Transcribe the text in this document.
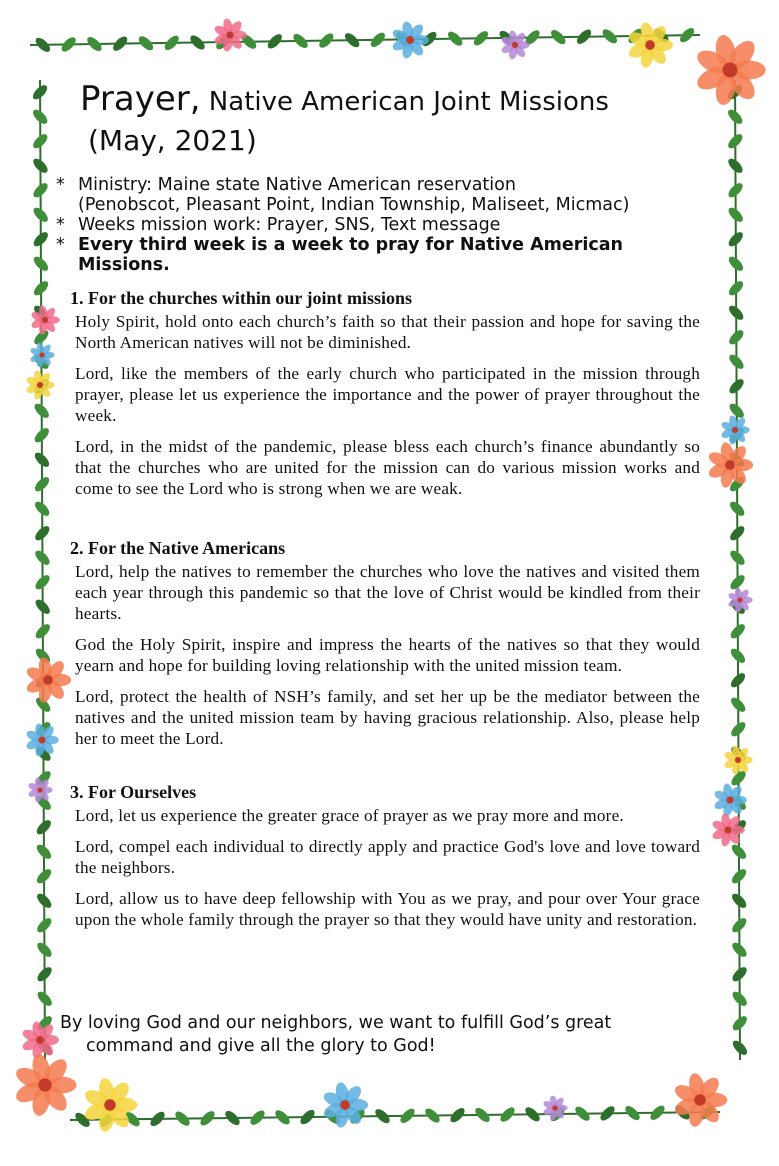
Prayer, Native American Joint Missions
(May, 2021)
* Ministry: Maine state Native American reservation
(Penobscot, Pleasant Point, Indian Township, Maliseet, Micmac)
* Weeks mission work: Prayer, SNS, Text message
* Every third week is a week to pray for Native American Missions.
1. For the churches within our joint missions

Holy Spirit, hold onto each church’s faith so that their passion and hope for saving the North American natives will not be diminished.

Lord, like the members of the early church who participated in the mission through prayer, please let us experience the importance and the power of prayer throughout the week.

Lord, in the midst of the pandemic, please bless each church’s finance abundantly so that the churches who are united for the mission can do various mission works and come to see the Lord who is strong when we are weak.

2. For the Native Americans

Lord, help the natives to remember the churches who love the natives and visited them each year through this pandemic so that the love of Christ would be kindled from their hearts.

God the Holy Spirit, inspire and impress the hearts of the natives so that they would yearn and hope for building loving relationship with the united mission team.

Lord, protect the health of NSH’s family, and set her up be the mediator between the natives and the united mission team by having gracious relationship. Also, please help her to meet the Lord.

3. For Ourselves

Lord, let us experience the greater grace of prayer as we pray more and more.

Lord, compel each individual to directly apply and practice God's love and love toward the neighbors.

Lord, allow us to have deep fellowship with You as we pray, and pour over Your grace upon the whole family through the prayer so that they would have unity and restoration.

By loving God and our neighbors, we want to fulfill God’s great
command and give all the glory to God!
